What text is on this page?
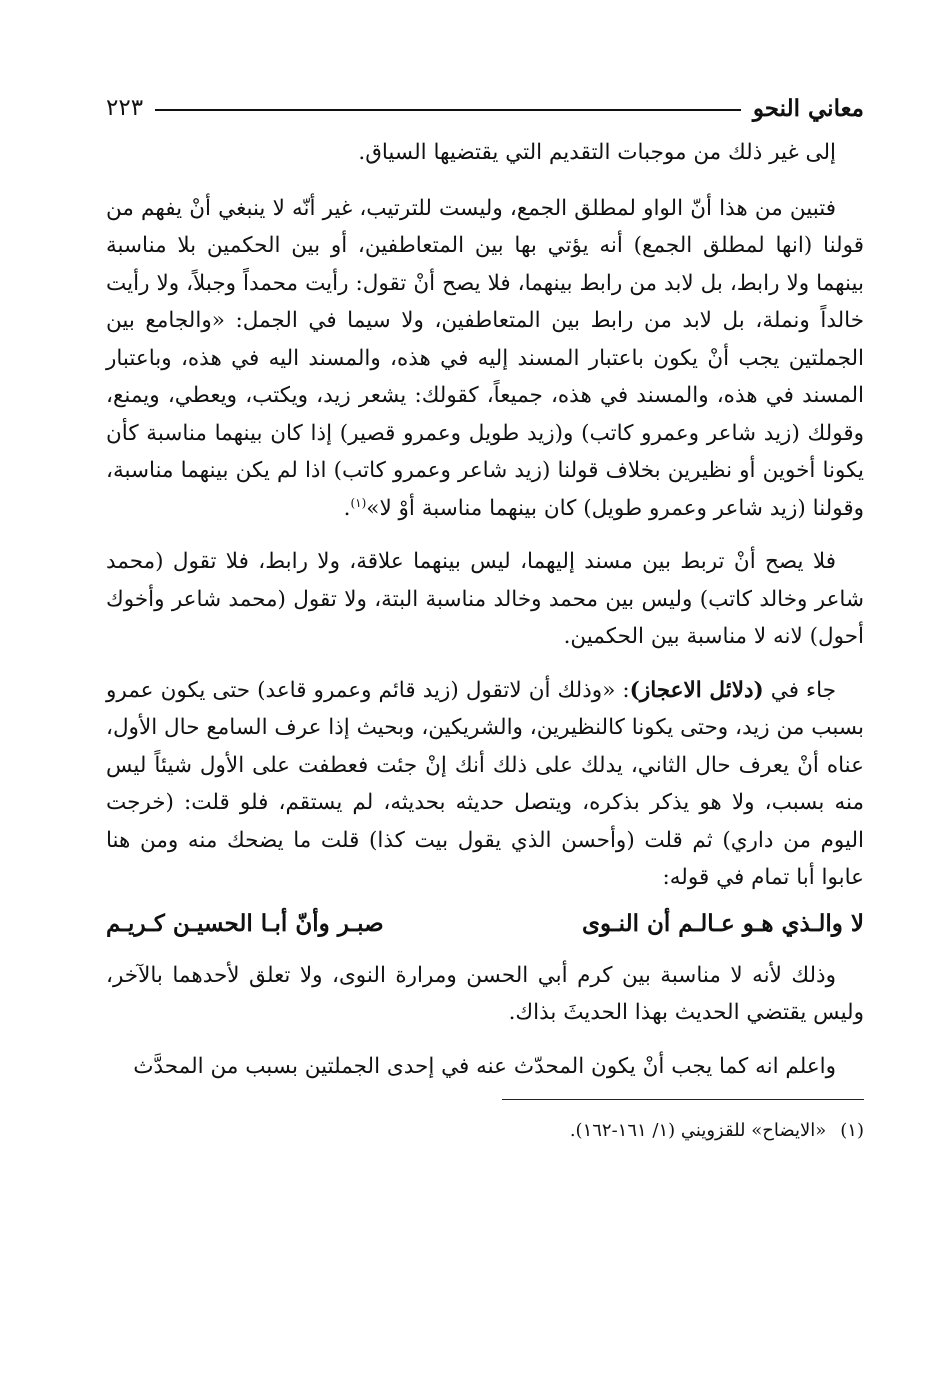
معاني النحو
٢٢٣

إلى غير ذلك من موجبات التقديم التي يقتضيها السياق.

فتبين من هذا أنّ الواو لمطلق الجمع، وليست للترتيب، غير أنّه لا ينبغي أنْ يفهم من قولنا (انها لمطلق الجمع) أنه يؤتي بها بين المتعاطفين، أو بين الحكمين بلا مناسبة بينهما ولا رابط، بل لابد من رابط بينهما، فلا يصح أنْ تقول: رأيت محمداً وجبلاً، ولا رأيت خالداً ونملة، بل لابد من رابط بين المتعاطفين، ولا سيما في الجمل: «والجامع بين الجملتين يجب أنْ يكون باعتبار المسند إليه في هذه، والمسند اليه في هذه، وباعتبار المسند في هذه، والمسند في هذه، جميعاً، كقولك: يشعر زيد، ويكتب، ويعطي، ويمنع، وقولك (زيد شاعر وعمرو كاتب) و(زيد طويل وعمرو قصير) إذا كان بينهما مناسبة كأن يكونا أخوين أو نظيرين بخلاف قولنا (زيد شاعر وعمرو كاتب) اذا لم يكن بينهما مناسبة، وقولنا (زيد شاعر وعمرو طويل) كان بينهما مناسبة أوْ لا»$^{(١)}$.

فلا يصح أنْ تربط بين مسند إليهما، ليس بينهما علاقة، ولا رابط، فلا تقول (محمد شاعر وخالد كاتب) وليس بين محمد وخالد مناسبة البتة، ولا تقول (محمد شاعر وأخوك أحول) لانه لا مناسبة بين الحكمين.

جاء في (دلائل الاعجاز): «وذلك أن لاتقول (زيد قائم وعمرو قاعد) حتى يكون عمرو بسبب من زيد، وحتى يكونا كالنظيرين، والشريكين، وبحيث إذا عرف السامع حال الأول، عناه أنْ يعرف حال الثاني، يدلك على ذلك أنك إنْ جئت فعطفت على الأول شيئاً ليس منه بسبب، ولا هو يذكر بذكره، ويتصل حديثه بحديثه، لم يستقم، فلو قلت: (خرجت اليوم من داري) ثم قلت (وأحسن الذي يقول بيت كذا) قلت ما يضحك منه ومن هنا عابوا أبا تمام في قوله:

لا والـذي هـو عـالـم أن النـوى
صبـر وأنّ أبـا الحسيـن كـريـم

وذلك لأنه لا مناسبة بين كرم أبي الحسن ومرارة النوى، ولا تعلق لأحدهما بالآخر، وليس يقتضي الحديث بهذا الحديثَ بذاك.

واعلم انه كما يجب أنْ يكون المحدّث عنه في إحدى الجملتين بسبب من المحدَّث

(١)«الايضاح» للقزويني (١/ ١٦١-١٦٢).
